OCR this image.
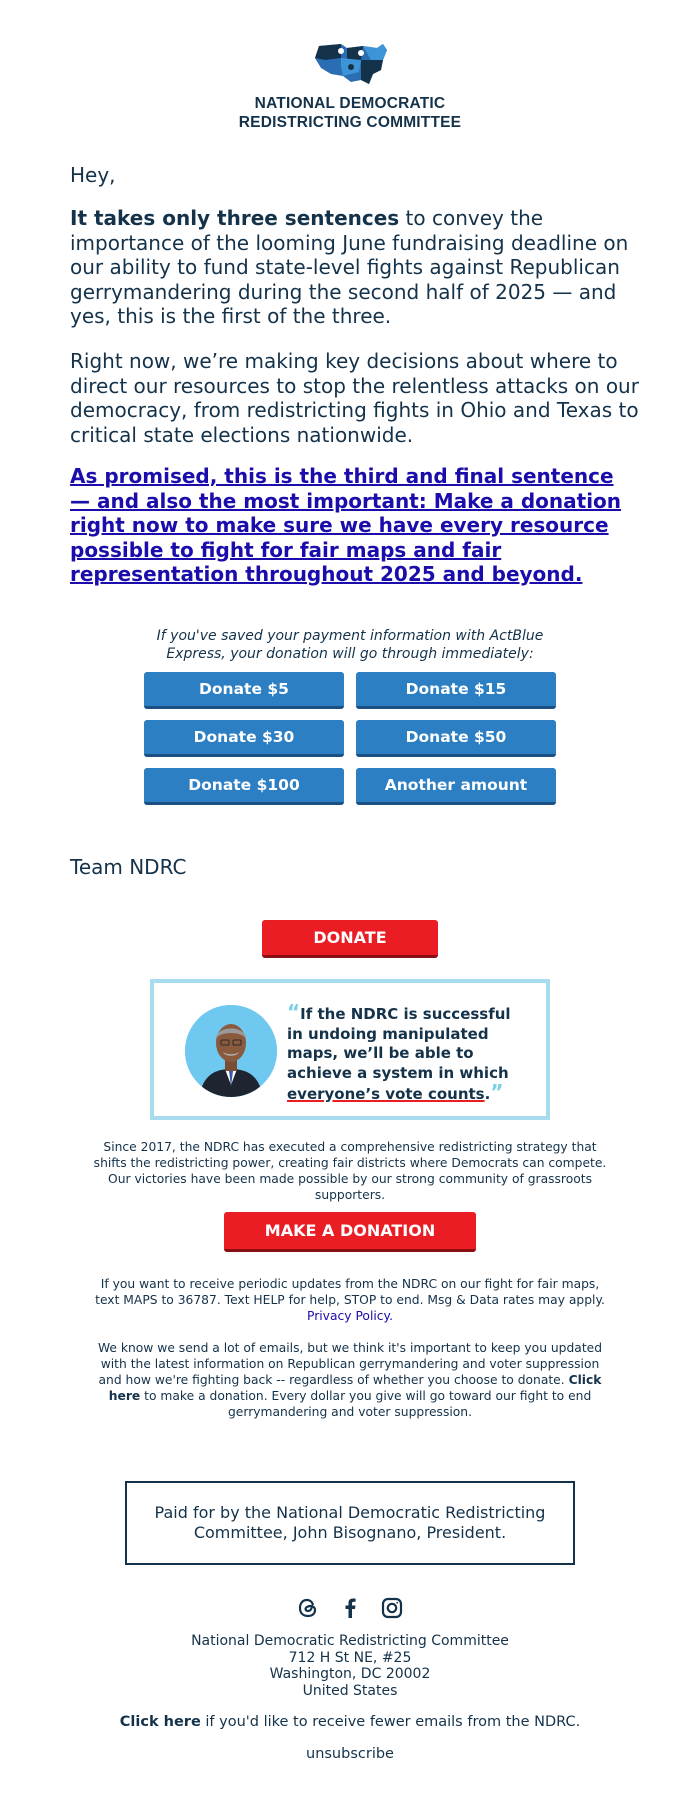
NATIONAL DEMOCRATIC
REDISTRICTING COMMITTEE
Hey,
It takes only three sentences to convey the importance of the looming June fundraising deadline on our ability to fund state-level fights against Republican gerrymandering during the second half of 2025 — and yes, this is the first of the three.
Right now, we’re making key decisions about where to direct our resources to stop the relentless attacks on our democracy, from redistricting fights in Ohio and Texas to critical state elections nationwide.
As promised, this is the third and final sentence — and also the most important: Make a donation right now to make sure we have every resource possible to fight for fair maps and fair representation throughout 2025 and beyond.
If you've saved your payment information with ActBlue
Express, your donation will go through immediately:
Donate $5	Donate $15
Donate $30	Donate $50
Donate $100	Another amount
Team NDRC
DONATE
“If the NDRC is successful in undoing manipulated maps, we’ll be able to achieve a system in which everyone’s vote counts.”
Since 2017, the NDRC has executed a comprehensive redistricting strategy that shifts the redistricting power, creating fair districts where Democrats can compete. Our victories have been made possible by our strong community of grassroots supporters.
MAKE A DONATION
If you want to receive periodic updates from the NDRC on our fight for fair maps, text MAPS to 36787. Text HELP for help, STOP to end. Msg & Data rates may apply. Privacy Policy.
We know we send a lot of emails, but we think it's important to keep you updated with the latest information on Republican gerrymandering and voter suppression and how we're fighting back -- regardless of whether you choose to donate. Click here to make a donation. Every dollar you give will go toward our fight to end gerrymandering and voter suppression.
Paid for by the National Democratic Redistricting Committee, John Bisognano, President.
National Democratic Redistricting Committee
712 H St NE, #25
Washington, DC 20002
United States
Click here if you'd like to receive fewer emails from the NDRC.
unsubscribe
